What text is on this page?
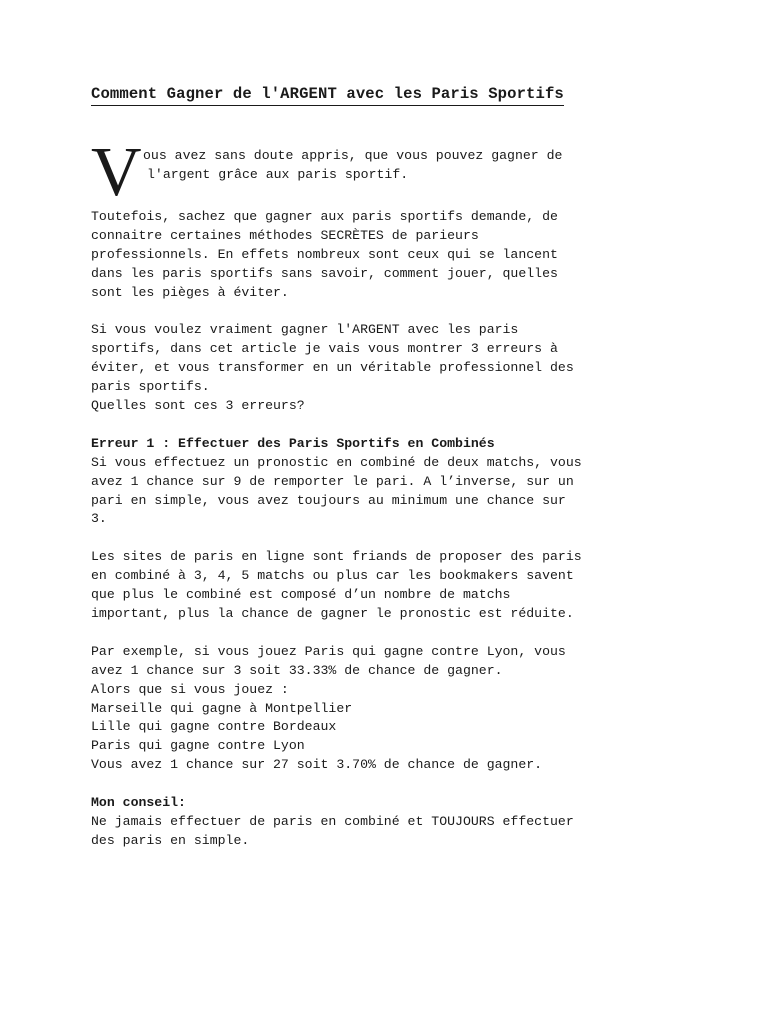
Comment Gagner de l'ARGENT avec les Paris Sportifs
V ous avez sans doute appris, que vous pouvez gagner de
l'argent grâce aux paris sportif.

Toutefois, sachez que gagner aux paris sportifs demande, de

connaitre certaines méthodes SECRÈTES de parieurs

professionnels. En effets nombreux sont ceux qui se lancent

dans les paris sportifs sans savoir, comment jouer, quelles

sont les pièges à éviter.

Si vous voulez vraiment gagner l'ARGENT avec les paris

sportifs, dans cet article je vais vous montrer 3 erreurs à

éviter, et vous transformer en un véritable professionnel des

paris sportifs.

Quelles sont ces 3 erreurs?

Erreur 1 : Effectuer des Paris Sportifs en Combinés

Si vous effectuez un pronostic en combiné de deux matchs, vous

avez 1 chance sur 9 de remporter le pari. A l’inverse, sur un

pari en simple, vous avez toujours au minimum une chance sur

3.

Les sites de paris en ligne sont friands de proposer des paris

en combiné à 3, 4, 5 matchs ou plus car les bookmakers savent

que plus le combiné est composé d’un nombre de matchs

important, plus la chance de gagner le pronostic est réduite.

Par exemple, si vous jouez Paris qui gagne contre Lyon, vous

avez 1 chance sur 3 soit 33.33% de chance de gagner.

Alors que si vous jouez :

Marseille qui gagne à Montpellier

Lille qui gagne contre Bordeaux

Paris qui gagne contre Lyon

Vous avez 1 chance sur 27 soit 3.70% de chance de gagner.

Mon conseil:

Ne jamais effectuer de paris en combiné et TOUJOURS effectuer

des paris en simple.
